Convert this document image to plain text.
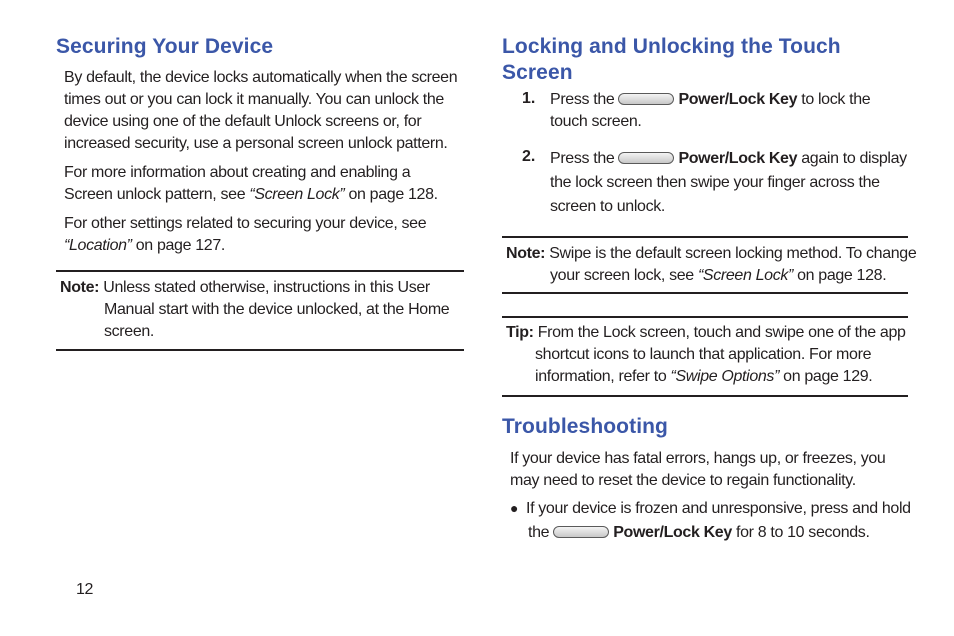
Securing Your Device

By default, the device locks automatically when the screen times out or you can lock it manually. You can unlock the device using one of the default Unlock screens or, for increased security, use a personal screen unlock pattern.

For more information about creating and enabling a Screen unlock pattern, see “Screen Lock” on page 128.

For other settings related to securing your device, see “Location” on page 127.

Note: Unless stated otherwise, instructions in this User Manual start with the device unlocked, at the Home screen.

12

Locking and Unlocking the Touch Screen
1. Press the	Power/Lock Key to lock the touch screen.

2. Press the	Power/Lock Key again to display the lock screen then swipe your finger across the screen to unlock.

Note: Swipe is the default screen locking method. To change your screen lock, see “Screen Lock” on page 128.

Tip: From the Lock screen, touch and swipe one of the app shortcut icons to launch that application. For more information, refer to “Swipe Options” on page 129.

Troubleshooting

If your device has fatal errors, hangs up, or freezes, you may need to reset the device to regain functionality.

● If your device is frozen and unresponsive, press and hold the	Power/Lock Key for 8 to 10 seconds.
